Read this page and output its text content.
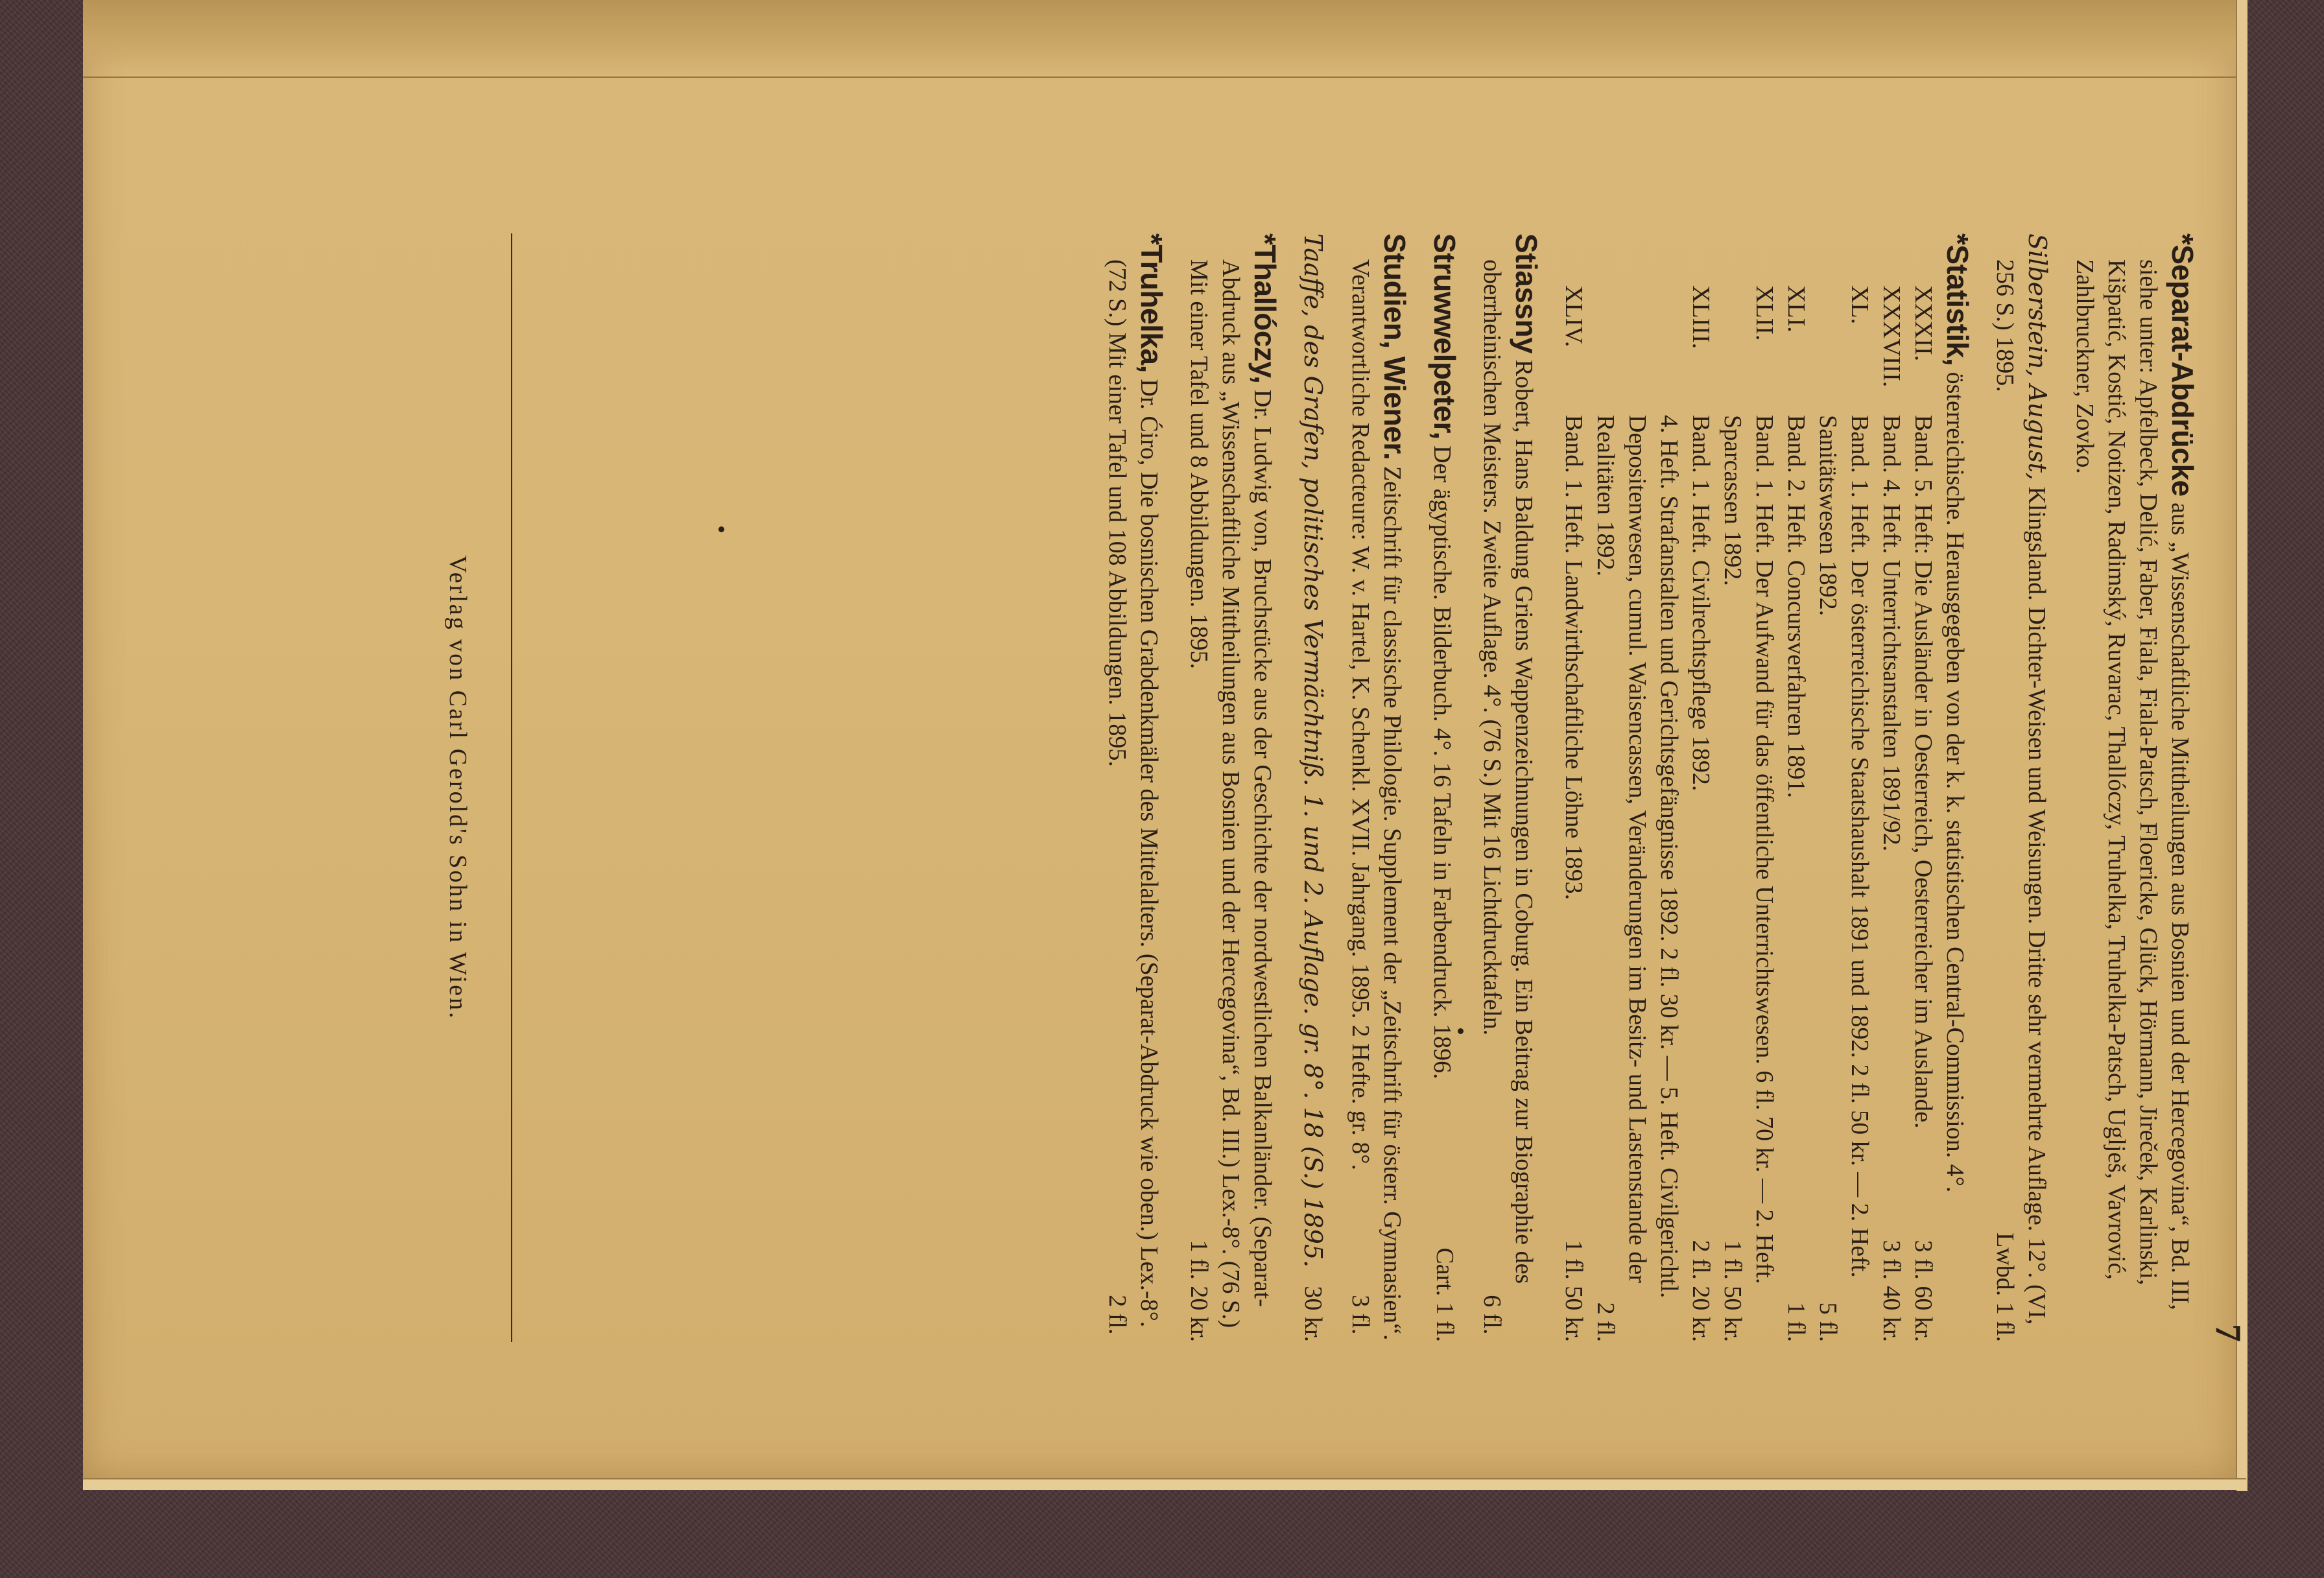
7

*Separat-Abdrücke aus „Wissenschaftliche Mittheilungen aus Bosnien und der Hercegovina“, Bd. III, siehe unter: Apfelbeck, Delić, Faber, Fiala, Fiala-Patsch, Floericke, Glück, Hörmann, Jireček, Karlinski, Kišpatić, Kostić, Notizen, Radimský, Ruvarac, Thallóczy, Truhelka, Truhelka-Patsch, Uglješ, Vavrović, Zahlbruckner, Zovko.

Silberstein, August, Klingsland. Dichter-Weisen und Weisungen. Dritte sehr vermehrte Auflage. 12°. (VI, 256 S.) 1895.
Lwbd. 1 fl.

*Statistik, österreichische. Herausgegeben von der k. k. statistischen Central-Commission. 4°.
XXXII.
Band. 5. Heft: Die Ausländer in Oesterreich, Oesterreicher im Auslande.
3 fl. 60 kr.
XXXVIII.
Band. 4. Heft. Unterrichtsanstalten 1891/92.
3 fl. 40 kr.
XL.
Band. 1. Heft. Der österreichische Staatshaushalt 1891 und 1892. 2 fl. 50 kr. — 2. Heft. Sanitätswesen 1892.
5 fl.
XLI.
Band. 2. Heft. Concursverfahren 1891.
1 fl.
XLII.
Band. 1. Heft. Der Aufwand für das öffentliche Unterrichtswesen. 6 fl. 70 kr. — 2. Heft. Sparcassen 1892.
1 fl. 50 kr.
XLIII.
Band. 1. Heft. Civilrechtspflege 1892.
2 fl. 20 kr.
4. Heft. Strafanstalten und Gerichtsgefängnisse 1892. 2 fl. 30 kr. — 5. Heft. Civilgerichtl. Depositenwesen, cumul. Waisencassen, Veränderungen im Besitz- und Lastenstande der Realitäten 1892.
2 fl.
XLIV.
Band. 1. Heft. Landwirthschaftliche Löhne 1893.
1 fl. 50 kr.

Stiassny Robert, Hans Baldung Griens Wappenzeichnungen in Coburg. Ein Beitrag zur Biographie des oberrheinischen Meisters. Zweite Auflage. 4°. (76 S.) Mit 16 Lichtdrucktafeln.
6 fl.

Struwwelpeter, Der ägyptische. Bilderbuch. 4°. 16 Tafeln in Farbendruck. 1896.
Cart. 1 fl.

Studien, Wiener. Zeitschrift für classische Philologie. Supplement der „Zeitschrift für österr. Gymnasien“. Verantwortliche Redacteure: W. v. Hartel, K. Schenkl. XVII. Jahrgang. 1895. 2 Hefte. gr. 8°.
3 fl.

Taaffe, des Grafen, politisches Vermächtniß. 1. und 2. Auflage. gr. 8°. 18 (S.) 1895.
30 kr.

*Thallóczy, Dr. Ludwig von, Bruchstücke aus der Geschichte der nordwestlichen Balkanländer. (Separat-Abdruck aus „Wissenschaftliche Mittheilungen aus Bosnien und der Hercegovina“, Bd. III.) Lex.-8°. (76 S.) Mit einer Tafel und 8 Abbildungen. 1895.
1 fl. 20 kr.

*Truhelka, Dr. Ćiro, Die bosnischen Grabdenkmäler des Mittelalters. (Separat-Abdruck wie oben.) Lex.-8°. (72 S.) Mit einer Tafel und 108 Abbildungen. 1895.
2 fl.

Verlag von Carl Gerold's Sohn in Wien.
